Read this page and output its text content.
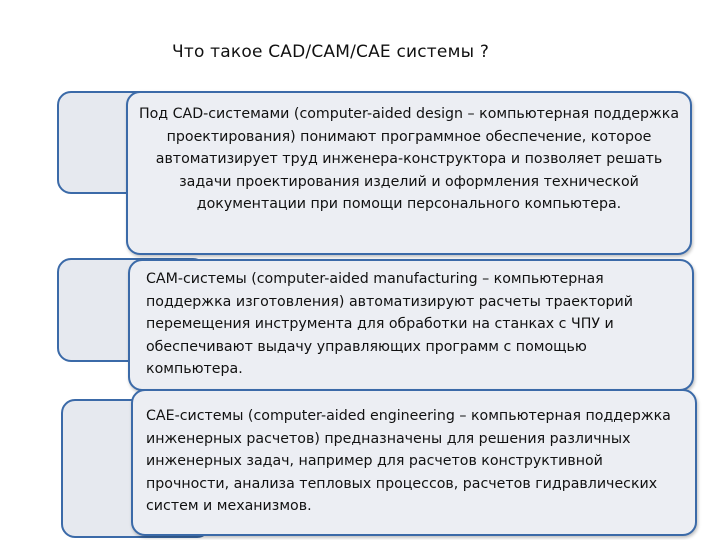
Что такое CAD/CAM/CAE системы ?

Под CAD-системами (computer-aided design – компьютерная поддержка проектирования) понимают программное обеспечение, которое автоматизирует труд инженера-конструктора и позволяет решать задачи проектирования изделий и оформления технической документации при помощи персонального компьютера.

CAM-системы (computer-aided manufacturing – компьютерная поддержка изготовления) автоматизируют расчеты траекторий перемещения инструмента для обработки на станках с ЧПУ и обеспечивают выдачу управляющих программ с помощью компьютера.

CAE-системы (computer-aided engineering – компьютерная поддержка инженерных расчетов) предназначены для решения различных инженерных задач, например для расчетов конструктивной прочности, анализа тепловых процессов, расчетов гидравлических систем и механизмов.
